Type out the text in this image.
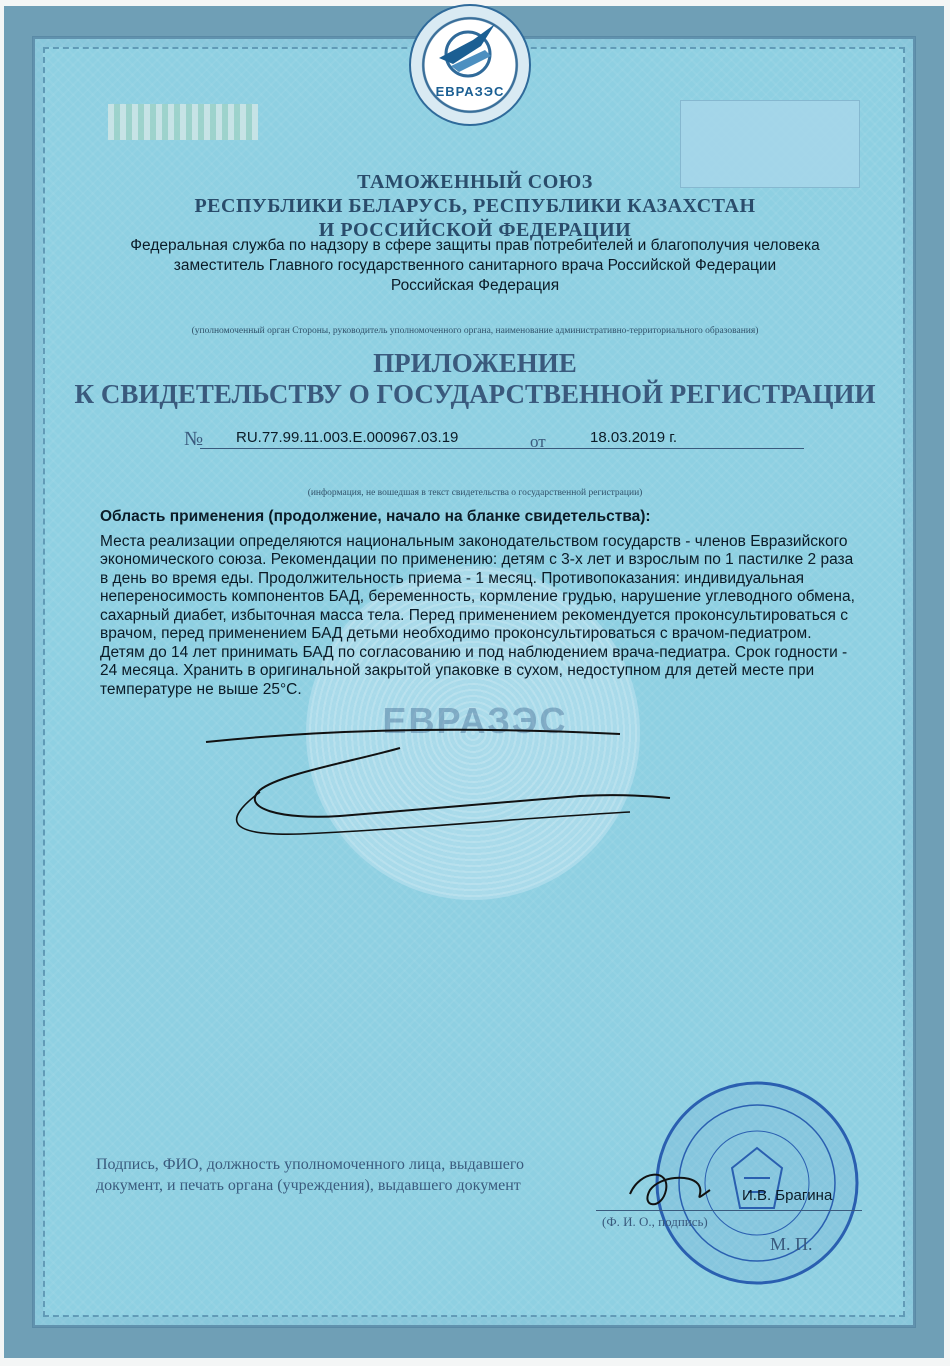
ЕВРАЗЭС
ЕВРАЗЭС
ТАМОЖЕННЫЙ СОЮЗ
РЕСПУБЛИКИ БЕЛАРУСЬ, РЕСПУБЛИКИ КАЗАХСТАН
И РОССИЙСКОЙ ФЕДЕРАЦИИ
Федеральная служба по надзору в сфере защиты прав потребителей и благополучия человека
заместитель Главного государственного санитарного врача Российской Федерации
Российская Федерация
(уполномоченный орган Стороны, руководитель уполномоченного органа, наименование административно-территориального образования)
ПРИЛОЖЕНИЕ
К СВИДЕТЕЛЬСТВУ О ГОСУДАРСТВЕННОЙ РЕГИСТРАЦИИ
№	RU.77.99.11.003.E.000967.03.19	от	18.03.2019 г.
(информация, не вошедшая в текст свидетельства о государственной регистрации)
Область применения (продолжение, начало на бланке свидетельства):
Места реализации определяются национальным законодательством государств - членов Евразийского экономического союза. Рекомендации по применению: детям с 3-х лет и взрослым по 1 пастилке 2 раза в день во время еды. Продолжительность приема - 1 месяц. Противопоказания: индивидуальная непереносимость компонентов БАД, беременность, кормление грудью, нарушение углеводного обмена, сахарный диабет, избыточная масса тела. Перед применением рекомендуется проконсультироваться с врачом, перед применением БАД детьми необходимо проконсультироваться с врачом-педиатром. Детям до 14 лет принимать БАД по согласованию и под наблюдением врача-педиатра. Срок годности - 24 месяца. Хранить в оригинальной закрытой упаковке в сухом, недоступном для детей месте при температуре не выше 25°C.
Подпись, ФИО, должность уполномоченного лица, выдавшего документ, и печать органа (учреждения), выдавшего документ
И.В. Брагина
(Ф. И. О., подпись)
М. П.
